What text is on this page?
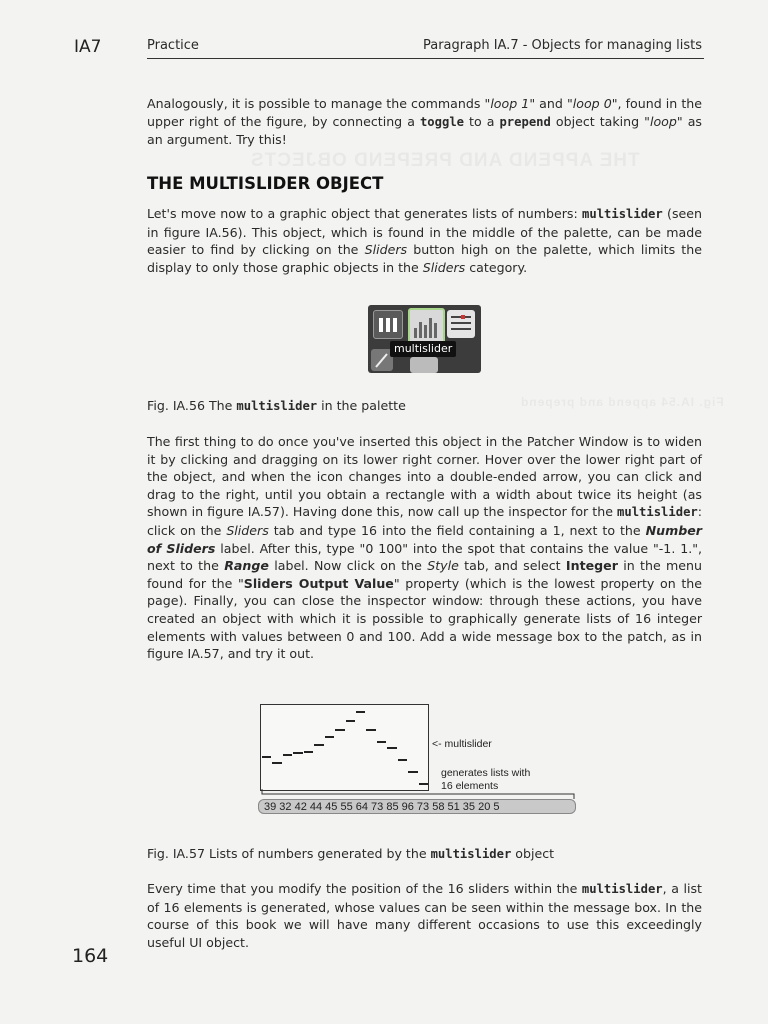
IA7	Practice	Paragraph IA.7 - Objects for managing lists

Analogously, it is possible to manage the commands "loop 1" and "loop 0", found in the upper right of the figure, by connecting a toggle to a prepend object taking "loop" as an argument. Try this!

THE MULTISLIDER OBJECT

Let's move now to a graphic object that generates lists of numbers: multislider (seen in figure IA.56). This object, which is found in the middle of the palette, can be made easier to find by clicking on the Sliders button high on the palette, which limits the display to only those graphic objects in the Sliders category.

multislider
Fig. IA.56 The multislider in the palette

The first thing to do once you've inserted this object in the Patcher Window is to widen it by clicking and dragging on its lower right corner. Hover over the lower right part of the object, and when the icon changes into a double-ended arrow, you can click and drag to the right, until you obtain a rectangle with a width about twice its height (as shown in figure IA.57). Having done this, now call up the inspector for the multislider: click on the Sliders tab and type 16 into the field containing a 1, next to the Number of Sliders label. After this, type "0 100" into the spot that contains the value "-1. 1.", next to the Range label. Now click on the Style tab, and select Integer in the menu found for the "Sliders Output Value" property (which is the lowest property on the page). Finally, you can close the inspector window: through these actions, you have created an object with which it is possible to graphically generate lists of 16 integer elements with values between 0 and 100. Add a wide message box to the patch, as in figure IA.57, and try it out.

<- multislider
generates lists with
16 elements
39 32 42 44 45 55 64 73 85 96 73 58 51 35 20 5
Fig. IA.57 Lists of numbers generated by the multislider object

Every time that you modify the position of the 16 sliders within the multislider, a list of 16 elements is generated, whose values can be seen within the message box. In the course of this book we will have many different occasions to use this exceedingly useful UI object.

164
